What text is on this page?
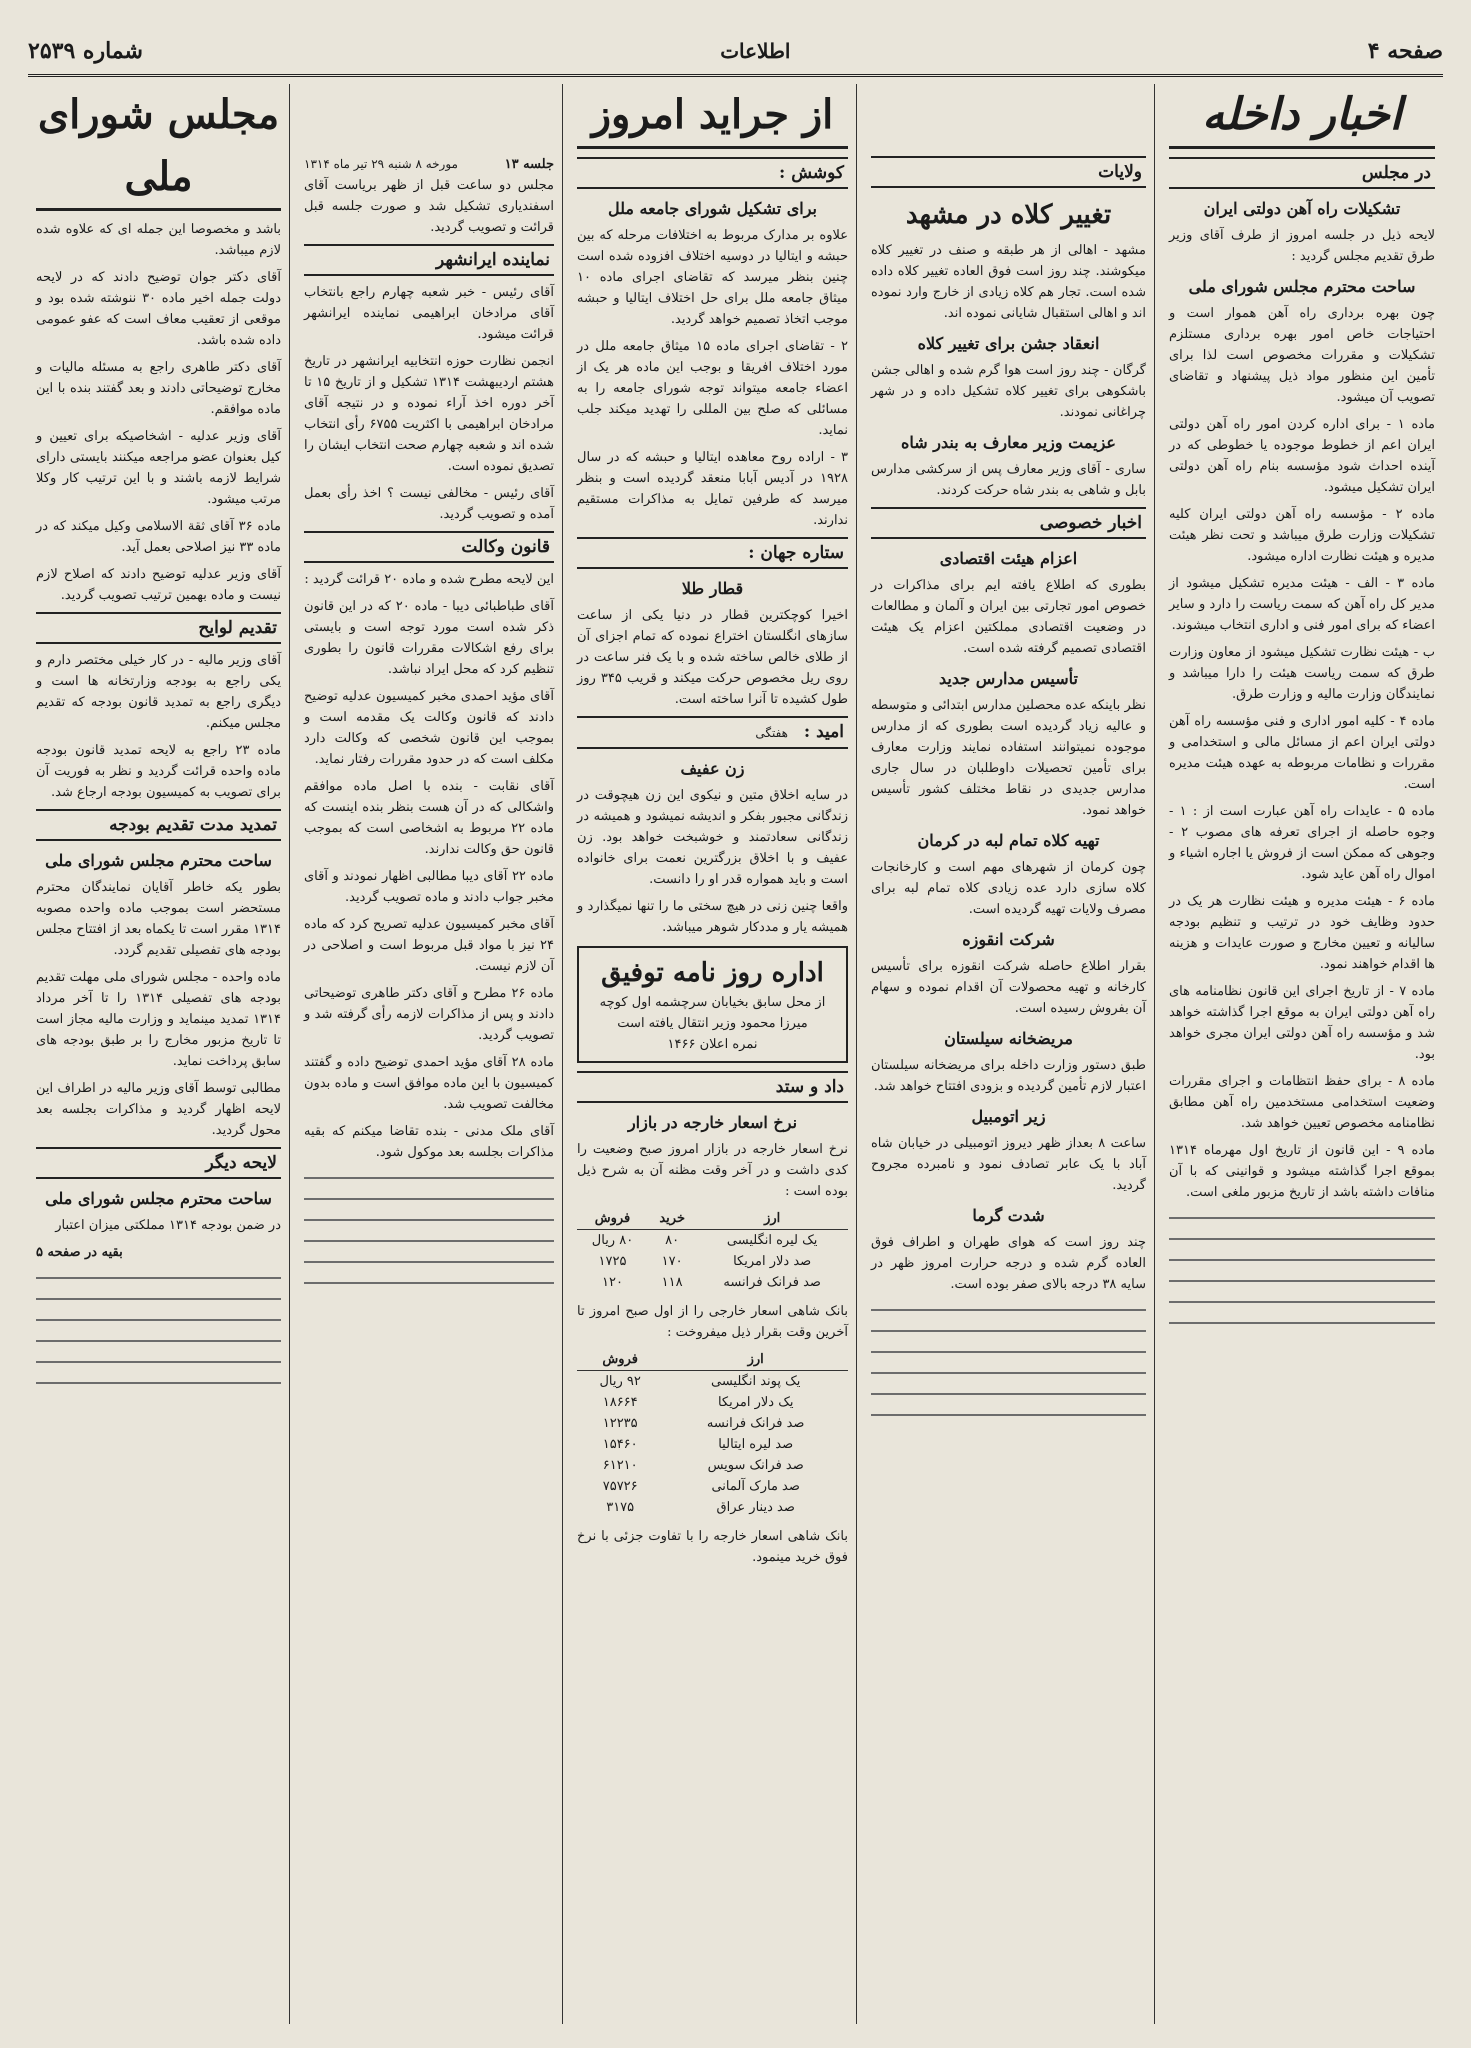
صفحه ۴
اطلاعات
شماره ۲۵۳۹
اخبار داخله
در مجلس
تشکیلات راه آهن دولتی ایران

لایحه ذیل در جلسه امروز از طرف آقای وزیر طرق تقدیم مجلس گردید :

ساحت محترم مجلس شورای ملی

چون بهره برداری راه آهن هموار است و احتیاجات خاص امور بهره برداری مستلزم تشکیلات و مقررات مخصوص است لذا برای تأمین این منظور مواد ذیل پیشنهاد و تقاضای تصویب آن میشود.

ماده ۱ - برای اداره کردن امور راه آهن دولتی ایران اعم از خطوط موجوده یا خطوطی که در آینده احداث شود مؤسسه بنام راه آهن دولتی ایران تشکیل میشود.

ماده ۲ - مؤسسه راه آهن دولتی ایران کلیه تشکیلات وزارت طرق میباشد و تحت نظر هیئت مدیره و هیئت نظارت اداره میشود.

ماده ۳ - الف - هیئت مدیره تشکیل میشود از مدیر کل راه آهن که سمت ریاست را دارد و سایر اعضاء که برای امور فنی و اداری انتخاب میشوند.

ب - هیئت نظارت تشکیل میشود از معاون وزارت طرق که سمت ریاست هیئت را دارا میباشد و نمایندگان وزارت مالیه و وزارت طرق.

ماده ۴ - کلیه امور اداری و فنی مؤسسه راه آهن دولتی ایران اعم از مسائل مالی و استخدامی و مقررات و نظامات مربوطه به عهده هیئت مدیره است.

ماده ۵ - عایدات راه آهن عبارت است از : ۱ - وجوه حاصله از اجرای تعرفه های مصوب ۲ - وجوهی که ممکن است از فروش یا اجاره اشیاء و اموال راه آهن عاید شود.

ماده ۶ - هیئت مدیره و هیئت نظارت هر یک در حدود وظایف خود در ترتیب و تنظیم بودجه سالیانه و تعیین مخارج و صورت عایدات و هزینه ها اقدام خواهند نمود.

ماده ۷ - از تاریخ اجرای این قانون نظامنامه های راه آهن دولتی ایران به موقع اجرا گذاشته خواهد شد و مؤسسه راه آهن دولتی ایران مجری خواهد بود.

ماده ۸ - برای حفظ انتظامات و اجرای مقررات وضعیت استخدامی مستخدمین راه آهن مطابق نظامنامه مخصوص تعیین خواهد شد.

ماده ۹ - این قانون از تاریخ اول مهرماه ۱۳۱۴ بموقع اجرا گذاشته میشود و قوانینی که با آن منافات داشته باشد از تاریخ مزبور ملغی است.

ولایات
تغییر کلاه در مشهد

مشهد - اهالی از هر طبقه و صنف در تغییر کلاه میکوشند. چند روز است فوق العاده تغییر کلاه داده شده است. تجار هم کلاه زیادی از خارج وارد نموده اند و اهالی استقبال شایانی نموده اند.

انعقاد جشن برای تغییر کلاه

گرگان - چند روز است هوا گرم شده و اهالی جشن باشکوهی برای تغییر کلاه تشکیل داده و در شهر چراغانی نمودند.

عزیمت وزیر معارف به بندر شاه

ساری - آقای وزیر معارف پس از سرکشی مدارس بابل و شاهی به بندر شاه حرکت کردند.

اخبار خصوصی
اعزام هیئت اقتصادی

بطوری که اطلاع یافته ایم برای مذاکرات در خصوص امور تجارتی بین ایران و آلمان و مطالعات در وضعیت اقتصادی مملکتین اعزام یک هیئت اقتصادی تصمیم گرفته شده است.

تأسیس مدارس جدید

نظر باینکه عده محصلین مدارس ابتدائی و متوسطه و عالیه زیاد گردیده است بطوری که از مدارس موجوده نمیتوانند استفاده نمایند وزارت معارف برای تأمین تحصیلات داوطلبان در سال جاری مدارس جدیدی در نقاط مختلف کشور تأسیس خواهد نمود.

تهیه کلاه تمام لبه در کرمان

چون کرمان از شهرهای مهم است و کارخانجات کلاه سازی دارد عده زیادی کلاه تمام لبه برای مصرف ولایات تهیه گردیده است.

شرکت انقوزه

بقرار اطلاع حاصله شرکت انقوزه برای تأسیس کارخانه و تهیه محصولات آن اقدام نموده و سهام آن بفروش رسیده است.

مریضخانه سیلستان

طبق دستور وزارت داخله برای مریضخانه سیلستان اعتبار لازم تأمین گردیده و بزودی افتتاح خواهد شد.

زیر اتومبیل

ساعت ۸ بعداز ظهر دیروز اتومبیلی در خیابان شاه آباد با یک عابر تصادف نمود و نامبرده مجروح گردید.

شدت گرما

چند روز است که هوای طهران و اطراف فوق العاده گرم شده و درجه حرارت امروز ظهر در سایه ۳۸ درجه بالای صفر بوده است.

از جراید امروز
کوشش :
برای تشکیل شورای جامعه ملل

علاوه بر مدارک مربوط به اختلافات مرحله که بین حبشه و ایتالیا در دوسیه اختلاف افزوده شده است چنین بنظر میرسد که تقاضای اجرای ماده ۱۰ میثاق جامعه ملل برای حل اختلاف ایتالیا و حبشه موجب اتخاذ تصمیم خواهد گردید.

۲ - تقاضای اجرای ماده ۱۵ میثاق جامعه ملل در مورد اختلاف افریقا و بوجب این ماده هر یک از اعضاء جامعه میتواند توجه شورای جامعه را به مسائلی که صلح بین المللی را تهدید میکند جلب نماید.

۳ - اراده روح معاهده ایتالیا و حبشه که در سال ۱۹۲۸ در آدیس آبابا منعقد گردیده است و بنظر میرسد که طرفین تمایل به مذاکرات مستقیم ندارند.

ستاره جهان :
قطار طلا

اخیرا کوچکترین قطار در دنیا یکی از ساعت سازهای انگلستان اختراع نموده که تمام اجزای آن از طلای خالص ساخته شده و با یک فنر ساعت در روی ریل مخصوص حرکت میکند و قریب ۳۴۵ روز طول کشیده تا آنرا ساخته است.

امید : هفتگی
زن عفیف

در سایه اخلاق متین و نیکوی این زن هیچوقت در زندگانی مجبور بفکر و اندیشه نمیشود و همیشه در زندگانی سعادتمند و خوشبخت خواهد بود. زن عفیف و با اخلاق بزرگترین نعمت برای خانواده است و باید همواره قدر او را دانست.

واقعا چنین زنی در هیچ سختی ما را تنها نمیگذارد و همیشه یار و مددکار شوهر میباشد.

اداره روز نامه توفیق
از محل سابق بخیابان سرچشمه اول کوچه میرزا محمود وزیر انتقال یافته است
نمره اعلان ۱۴۶۶
داد و ستد
نرخ اسعار خارجه در بازار

نرخ اسعار خارجه در بازار امروز صبح وضعیت را کدی داشت و در آخر وقت مظنه آن به شرح ذیل بوده است :

ارز	خرید	فروش
یک لیره انگلیسی	۸۰	۸۰ ریال
صد دلار امریکا	۱۷۰	۱۷۲۵
صد فرانک فرانسه	۱۱۸	۱۲۰

بانک شاهی اسعار خارجی را از اول صبح امروز تا آخرین وقت بقرار ذیل میفروخت :

ارز	فروش
یک پوند انگلیسی	۹۲ ریال
یک دلار امریکا	۱۸۶۶۴
صد فرانک فرانسه	۱۲۲۳۵
صد لیره ایتالیا	۱۵۴۶۰
صد فرانک سویس	۶۱۲۱۰
صد مارک آلمانی	۷۵۷۲۶
صد دینار عراق	۳۱۷۵

بانک شاهی اسعار خارجه را با تفاوت جزئی با نرخ فوق خرید مینمود.

جلسه ۱۳
مورخه ۸ شنبه ۲۹ تیر ماه ۱۳۱۴

مجلس دو ساعت قبل از ظهر بریاست آقای اسفندیاری تشکیل شد و صورت جلسه قبل قرائت و تصویب گردید.

نماینده ایرانشهر

آقای رئیس - خبر شعبه چهارم راجع بانتخاب آقای مرادخان ابراهیمی نماینده ایرانشهر قرائت میشود.

انجمن نظارت حوزه انتخابیه ایرانشهر در تاریخ هشتم اردیبهشت ۱۳۱۴ تشکیل و از تاریخ ۱۵ تا آخر دوره اخذ آراء نموده و در نتیجه آقای مرادخان ابراهیمی با اکثریت ۶۷۵۵ رأی انتخاب شده اند و شعبه چهارم صحت انتخاب ایشان را تصدیق نموده است.

آقای رئیس - مخالفی نیست ؟ اخذ رأی بعمل آمده و تصویب گردید.

قانون وکالت

این لایحه مطرح شده و ماده ۲۰ قرائت گردید :

آقای طباطبائی دیبا - ماده ۲۰ که در این قانون ذکر شده است مورد توجه است و بایستی برای رفع اشکالات مقررات قانون را بطوری تنظیم کرد که محل ایراد نباشد.

آقای مؤید احمدی مخبر کمیسیون عدلیه توضیح دادند که قانون وکالت یک مقدمه است و بموجب این قانون شخصی که وکالت دارد مکلف است که در حدود مقررات رفتار نماید.

آقای نقابت - بنده با اصل ماده موافقم واشکالی که در آن هست بنظر بنده اینست که ماده ۲۲ مربوط به اشخاصی است که بموجب قانون حق وکالت ندارند.

ماده ۲۲ آقای دیبا مطالبی اظهار نمودند و آقای مخبر جواب دادند و ماده تصویب گردید.

آقای مخبر کمیسیون عدلیه تصریح کرد که ماده ۲۴ نیز با مواد قبل مربوط است و اصلاحی در آن لازم نیست.

ماده ۲۶ مطرح و آقای دکتر طاهری توضیحاتی دادند و پس از مذاکرات لازمه رأی گرفته شد و تصویب گردید.

ماده ۲۸ آقای مؤید احمدی توضیح داده و گفتند کمیسیون با این ماده موافق است و ماده بدون مخالفت تصویب شد.

آقای ملک مدنی - بنده تقاضا میکنم که بقیه مذاکرات بجلسه بعد موکول شود.

مجلس شورای ملی

باشد و مخصوصا این جمله ای که علاوه شده لازم میباشد.

آقای دکتر جوان توضیح دادند که در لایحه دولت جمله اخیر ماده ۳۰ ننوشته شده بود و موقعی از تعقیب معاف است که عفو عمومی داده شده باشد.

آقای دکتر طاهری راجع به مسئله مالیات و مخارج توضیحاتی دادند و بعد گفتند بنده با این ماده موافقم.

آقای وزیر عدلیه - اشخاصیکه برای تعیین و کیل بعنوان عضو مراجعه میکنند بایستی دارای شرایط لازمه باشند و با این ترتیب کار وکلا مرتب میشود.

ماده ۳۶ آقای ثقة الاسلامی وکیل میکند که در ماده ۳۳ نیز اصلاحی بعمل آید.

آقای وزیر عدلیه توضیح دادند که اصلاح لازم نیست و ماده بهمین ترتیب تصویب گردید.

تقدیم لوایح

آقای وزیر مالیه - در کار خیلی مختصر دارم و یکی راجع به بودجه وزارتخانه ها است و دیگری راجع به تمدید قانون بودجه که تقدیم مجلس میکنم.

ماده ۲۳ راجع به لایحه تمدید قانون بودجه ماده واحده قرائت گردید و نظر به فوریت آن برای تصویب به کمیسیون بودجه ارجاع شد.

تمدید مدت تقدیم بودجه
ساحت محترم مجلس شورای ملی

بطور یکه خاطر آقایان نمایندگان محترم مستحضر است بموجب ماده واحده مصوبه ۱۳۱۴ مقرر است تا یکماه بعد از افتتاح مجلس بودجه های تفصیلی تقدیم گردد.

ماده واحده - مجلس شورای ملی مهلت تقدیم بودجه های تفصیلی ۱۳۱۴ را تا آخر مرداد ۱۳۱۴ تمدید مینماید و وزارت مالیه مجاز است تا تاریخ مزبور مخارج را بر طبق بودجه های سابق پرداخت نماید.

مطالبی توسط آقای وزیر مالیه در اطراف این لایحه اظهار گردید و مذاکرات بجلسه بعد محول گردید.

لایحه دیگر
ساحت محترم مجلس شورای ملی

در ضمن بودجه ۱۳۱۴ مملکتی میزان اعتبار

بقیه در صفحه ۵
